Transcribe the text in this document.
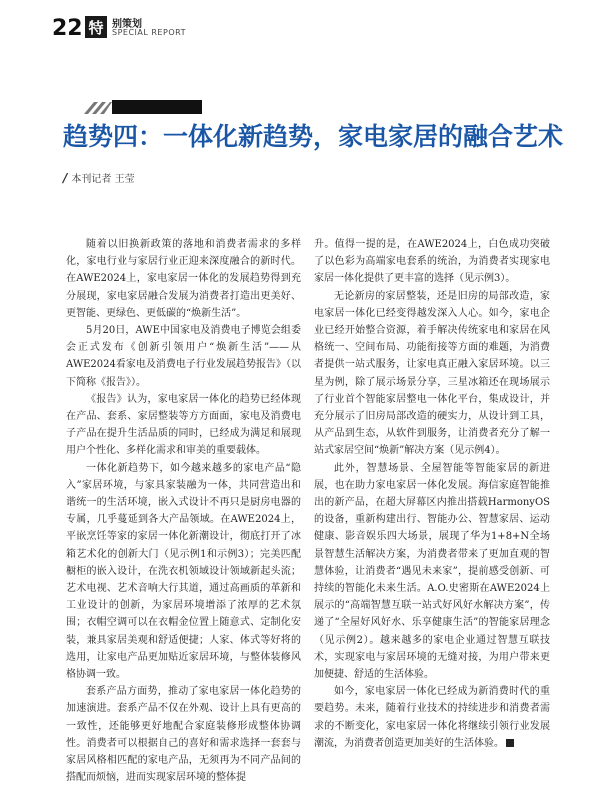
22 特 别策划
SPECIAL REPORT
趋势四：一体化新趋势，家电家居的融合艺术
/ 本刊记者 王莹

随着以旧换新政策的落地和消费者需求的多样化，家电行业与家居行业正迎来深度融合的新时代。在AWE2024上，家电家居一体化的发展趋势得到充分展现，家电家居融合发展为消费者打造出更美好、更智能、更绿色、更低碳的“焕新生活”。

5月20日，AWE中国家电及消费电子博览会组委会正式发布《创新引领用户“焕新生活”——从AWE2024看家电及消费电子行业发展趋势报告》（以下简称《报告》）。

《报告》认为，家电家居一体化的趋势已经体现在产品、套系、家居整装等方方面面，家电及消费电子产品在提升生活品质的同时，已经成为满足和展现用户个性化、多样化需求和审美的重要载体。

一体化新趋势下，如今越来越多的家电产品“隐入”家居环境，与家具家装融为一体，共同营造出和谐统一的生活环境，嵌入式设计不再只是厨房电器的专属，几乎蔓延到各大产品领域。在AWE2024上，平嵌烹饪等家的家居一体化新潮设计，彻底打开了冰箱艺术化的创新大门（见示例1和示例3）；完美匹配橱柜的嵌入设计，在洗衣机领域设计领域新起头流；艺术电视、艺术音响大行其道，通过高画质的革新和工业设计的创新，为家居环境增添了浓厚的艺术氛围；衣帽空调可以在衣帽金位置上随意式、定制化安装，兼具家居美观和舒适便捷；人家、体式等好将的选用，让家电产品更加贴近家居环境，与整体装修风格协调一致。

套系产品方面势，推动了家电家居一体化趋势的加速演进。套系产品不仅在外观、设计上具有更高的一致性，还能够更好地配合家庭装修形成整体协调性。消费者可以根据自己的喜好和需求选择一套套与家居风格相匹配的家电产品，无须再为不同产品间的搭配而烦恼，进而实现家居环境的整体提

升。值得一提的是，在AWE2024上，白色成功突破了以色彩为高端家电套系的统治，为消费者实现家电家居一体化提供了更丰富的选择（见示例3）。

无论新房的家居整装，还是旧房的局部改造，家电家居一体化已经变得越发深入人心。如今，家电企业已经开始整合资源，着手解决传统家电和家居在风格统一、空间布局、功能衔接等方面的难题，为消费者提供一站式服务，让家电真正融入家居环境。以三星为例，除了展示场景分享，三星冰箱还在现场展示了行业首个智能家居整电一体化平台，集成设计，并充分展示了旧房局部改造的硬实力，从设计到工具，从产品到生态，从软件到服务，让消费者充分了解一站式家居空间“焕新”解决方案（见示例4）。

此外，智慧场景、全屋智能等智能家居的新进展，也在助力家电家居一体化发展。海信家庭智能推出的新产品，在超大屏幕区内推出搭载HarmonyOS的设备，重新构建出行、智能办公、智慧家居、运动健康、影音娱乐四大场景，展现了华为1+8+N全场景智慧生活解决方案，为消费者带来了更加直观的智慧体验，让消费者“遇见未来家”，提前感受创新、可持续的智能化未来生活。A.O.史密斯在AWE2024上展示的“高端智慧互联一站式好风好水解决方案”，传递了“全屋好风好水、乐享健康生活”的智能家居理念（见示例2）。越来越多的家电企业通过智慧互联技术，实现家电与家居环境的无缝对接，为用户带来更加便捷、舒适的生活体验。

如今，家电家居一体化已经成为新消费时代的重要趋势。未来，随着行业技术的持续进步和消费者需求的不断变化，家电家居一体化将继续引领行业发展潮流，为消费者创造更加美好的生活体验。
